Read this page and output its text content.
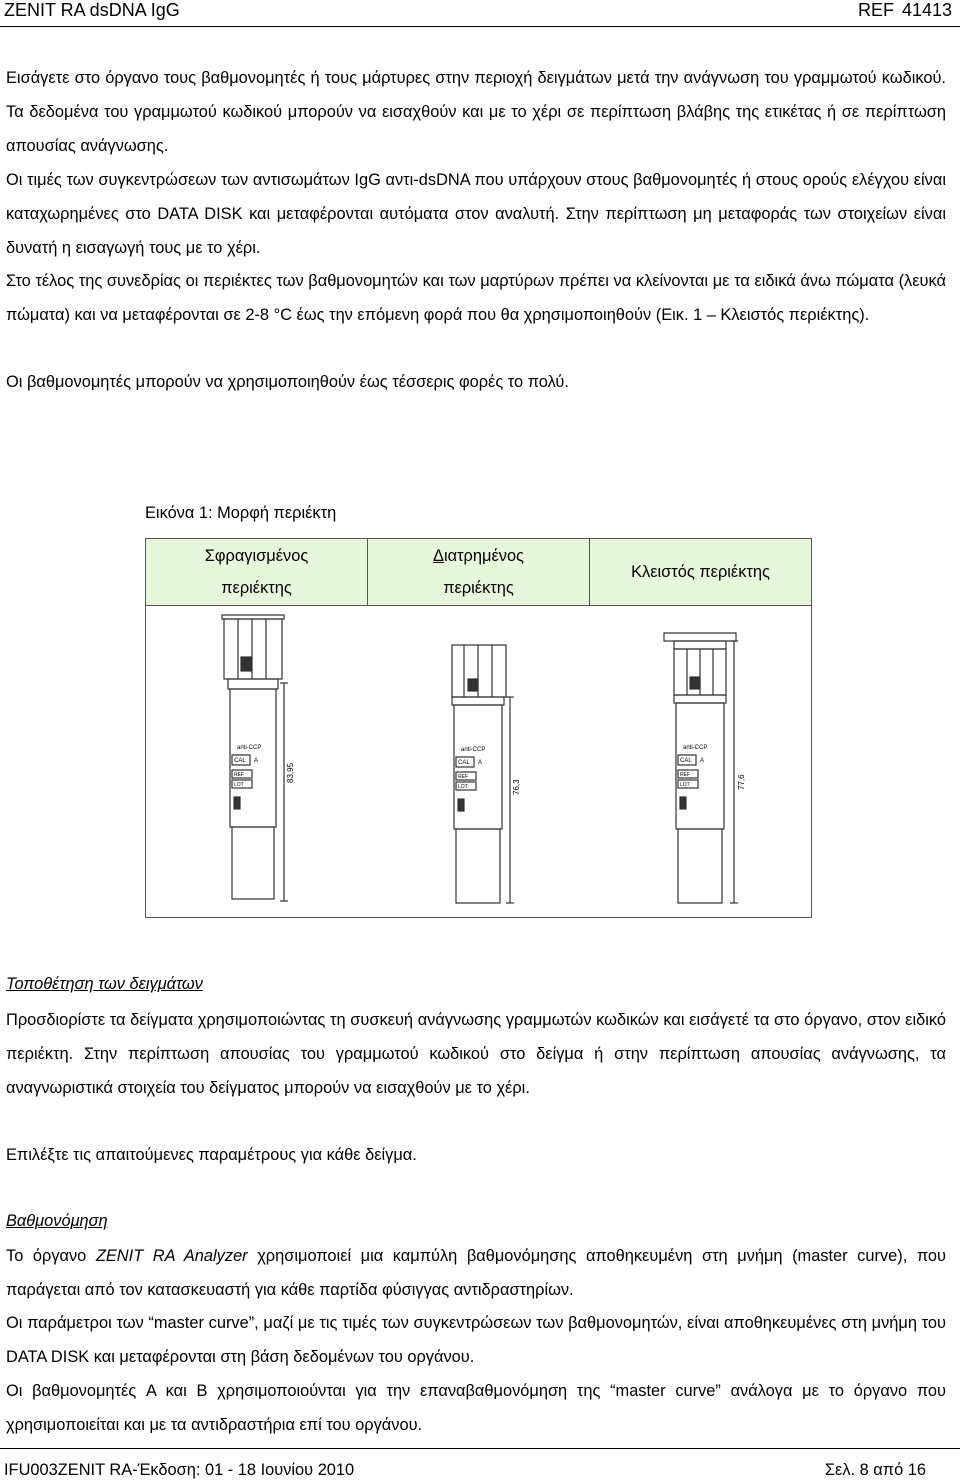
ZENIT RA dsDNA IgG	REF 41413

Εισάγετε στο όργανο τους βαθμονομητές ή τους μάρτυρες στην περιοχή δειγμάτων μετά την ανάγνωση του γραμμωτού κωδικού. Τα δεδομένα του γραμμωτού κωδικού μπορούν να εισαχθούν και με το χέρι σε περίπτωση βλάβης της ετικέτας ή σε περίπτωση απουσίας ανάγνωσης.

Οι τιμές των συγκεντρώσεων των αντισωμάτων IgG αντι-dsDNA που υπάρχουν στους βαθμονομητές ή στους ορούς ελέγχου είναι καταχωρημένες στο DATA DISK και μεταφέρονται αυτόματα στον αναλυτή. Στην περίπτωση μη μεταφοράς των στοιχείων είναι δυνατή η εισαγωγή τους με το χέρι.

Στο τέλος της συνεδρίας οι περιέκτες των βαθμονομητών και των μαρτύρων πρέπει να κλείνονται με τα ειδικά άνω πώματα (λευκά πώματα) και να μεταφέρονται σε 2-8 °C έως την επόμενη φορά που θα χρησιμοποιηθούν (Εικ. 1 – Κλειστός περιέκτης).

Οι βαθμονομητές μπορούν να χρησιμοποιηθούν έως τέσσερις φορές το πολύ.

Εικόνα 1: Μορφή περιέκτη
Σφραγισμένος
περιέκτης
Διατρημένος
περιέκτης
Κλειστός περιέκτης
anti-CCP
CAL A
REF
LOT
83,95
anti-CCP
CAL A
REF
LOT	76,3
anti-CCP
CAL A
REF
LOT	77,6
Τοποθέτηση των δειγμάτων

Προσδιορίστε τα δείγματα χρησιμοποιώντας τη συσκευή ανάγνωσης γραμμωτών κωδικών και εισάγετέ τα στο όργανο, στον ειδικό περιέκτη. Στην περίπτωση απουσίας του γραμμωτού κωδικού στο δείγμα ή στην περίπτωση απουσίας ανάγνωσης, τα αναγνωριστικά στοιχεία του δείγματος μπορούν να εισαχθούν με το χέρι.

Επιλέξτε τις απαιτούμενες παραμέτρους για κάθε δείγμα.

Βαθμονόμηση

Το όργανο ZENIT RA Analyzer χρησιμοποιεί μια καμπύλη βαθμονόμησης αποθηκευμένη στη μνήμη (master curve), που παράγεται από τον κατασκευαστή για κάθε παρτίδα φύσιγγας αντιδραστηρίων.

Οι παράμετροι των “master curve”, μαζί με τις τιμές των συγκεντρώσεων των βαθμονομητών, είναι αποθηκευμένες στη μνήμη του DATA DISK και μεταφέρονται στη βάση δεδομένων του οργάνου.

Οι βαθμονομητές A και B χρησιμοποιούνται για την επαναβαθμονόμηση της “master curve” ανάλογα με το όργανο που χρησιμοποιείται και με τα αντιδραστήρια επί του οργάνου.

IFU003ZENIT RA-Έκδοση: 01 - 18 Ιουνίου 2010	Σελ. 8 από 16
